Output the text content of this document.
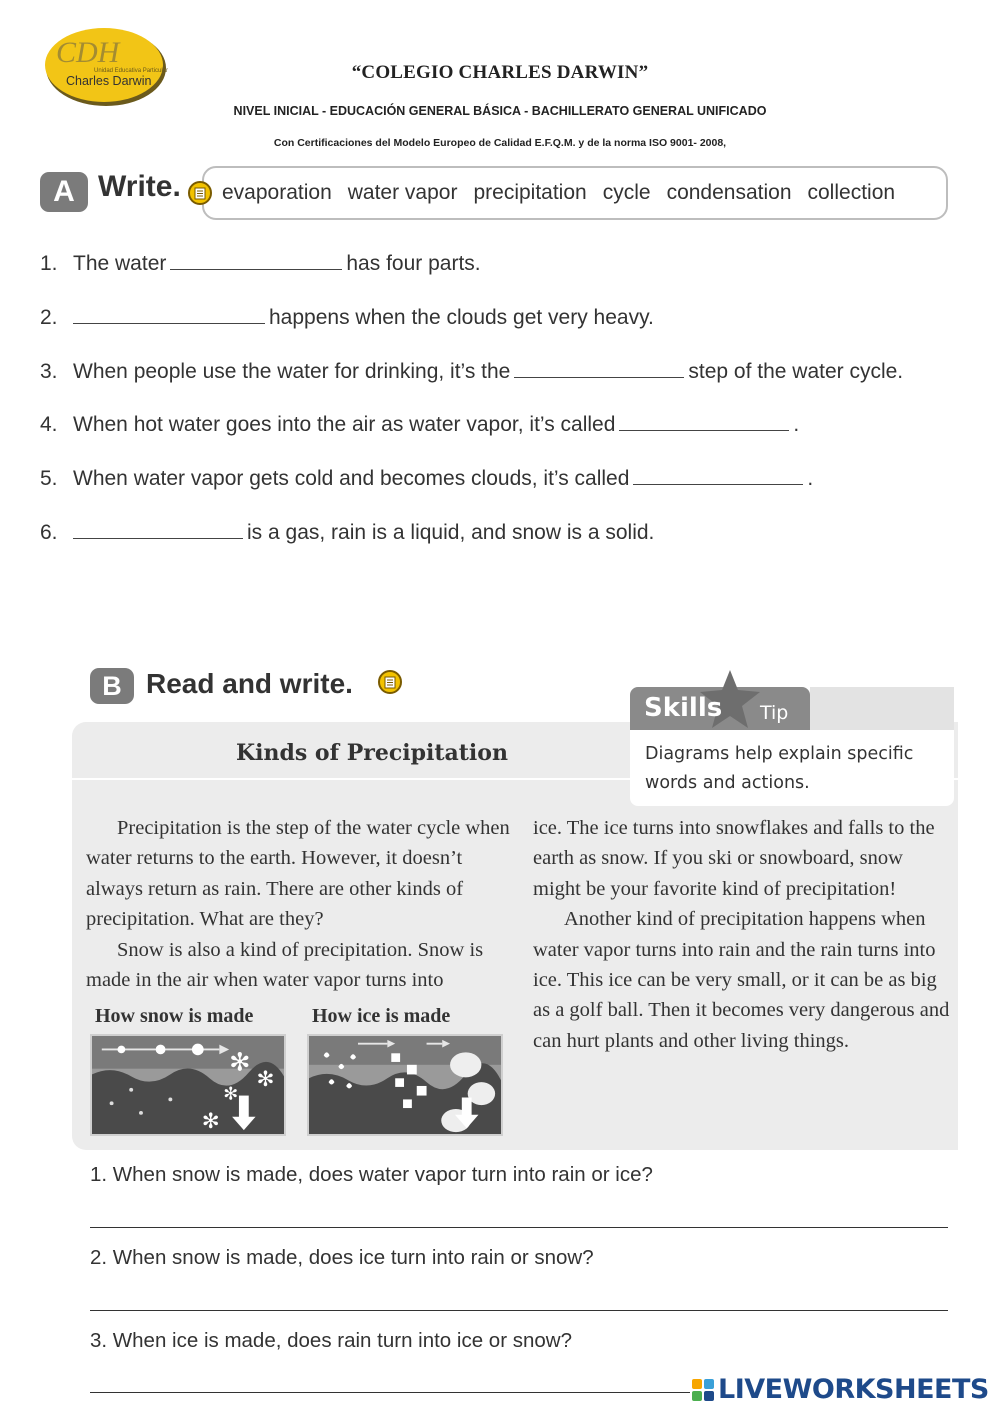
CDH
Unidad Educativa Particular
Charles Darwin	“COLEGIO CHARLES DARWIN”
NIVEL INICIAL - EDUCACIÓN GENERAL BÁSICA - BACHILLERATO GENERAL UNIFICADO
Con Certificaciones del Modelo Europeo de Calidad E.F.Q.M. y de la norma ISO 9001- 2008,
A Write. evaporation water vapor precipitation cycle condensation collection
1. The water	has four parts.
2.	happens when the clouds get very heavy.
3. When people use the water for drinking, it’s the	step of the water cycle.
4. When hot water goes into the air as water vapor, it’s called	.
5. When water vapor gets cold and becomes clouds, it’s called	.
6.	is a gas, rain is a liquid, and snow is a solid.
B Read and write.
Kinds of Precipitation
Skills Tip
Diagrams help explain specific words and actions.

Precipitation is the step of the water cycle when water returns to the earth. However, it doesn’t always return as rain. There are other kinds of precipitation. What are they?

Snow is also a kind of precipitation. Snow is made in the air when water vapor turns into

ice. The ice turns into snowflakes and falls to the earth as snow. If you ski or snowboard, snow might be your favorite kind of precipitation!

Another kind of precipitation happens when water vapor turns into rain and the rain turns into ice. This ice can be very small, or it can be as big as a golf ball. Then it becomes very dangerous and can hurt plants and other living things.

How snow is made	How ice is made
✻
✻
✻
✻
1. When snow is made, does water vapor turn into rain or ice?
2. When snow is made, does ice turn into rain or snow?
3. When ice is made, does rain turn into ice or snow?
LIVEWORKSHEETS
